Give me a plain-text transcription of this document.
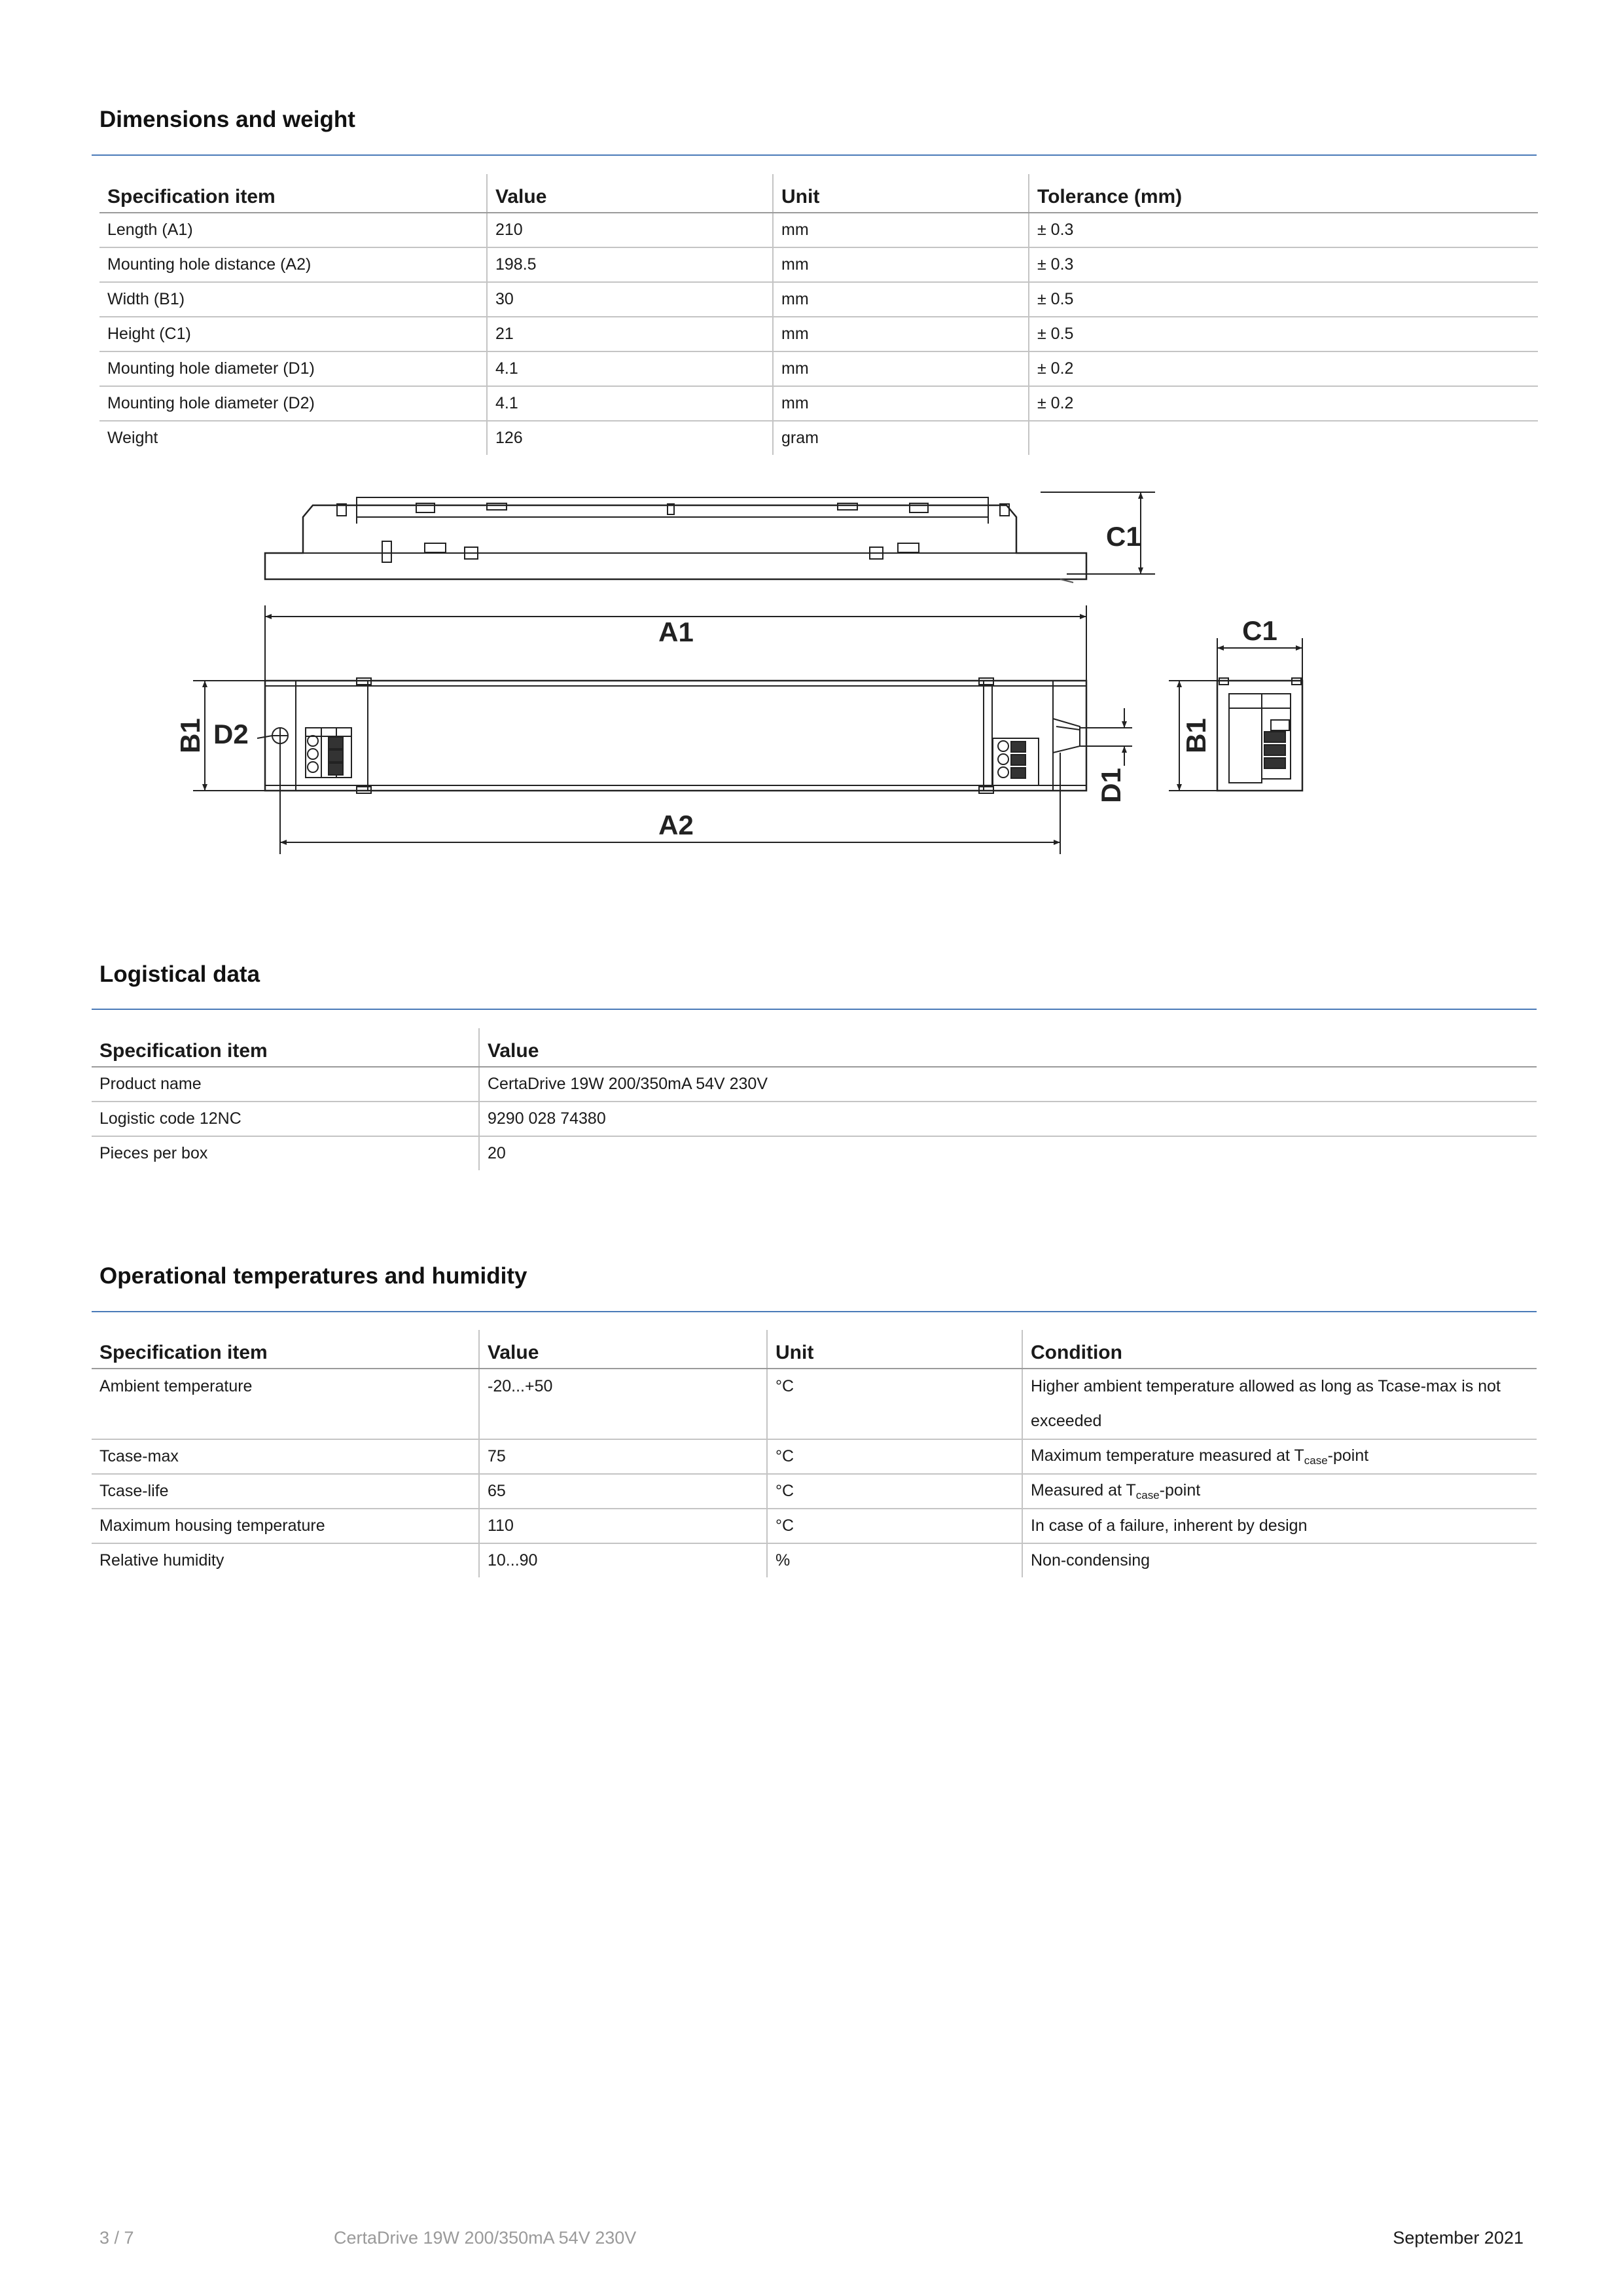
Dimensions and weight
Specification item	Value	Unit	Tolerance (mm)
Length (A1)	210	mm	± 0.3
Mounting hole distance (A2)	198.5	mm	± 0.3
Width (B1)	30	mm	± 0.5
Height (C1)	21	mm	± 0.5
Mounting hole diameter (D1)	4.1	mm	± 0.2
Mounting hole diameter (D2)	4.1	mm	± 0.2
Weight	126	gram	
C1
A1
A2
D2
C1
B1
D1
B1
Logistical data
Specification item	Value
Product name	CertaDrive 19W 200/350mA 54V 230V
Logistic code 12NC	9290 028 74380
Pieces per box	20
Operational temperatures and humidity
Specification item	Value	Unit	Condition
Ambient temperature	-20...+50	°C	Higher ambient temperature allowed as long as Tcase-max is not exceeded
Tcase-max	75	°C	Maximum temperature measured at $T_{case}$-point
Tcase-life	65	°C	Measured at $T_{case}$-point
Maximum housing temperature	110	°C	In case of a failure, inherent by design
Relative humidity	10...90	%	Non-condensing
3 / 7	CertaDrive 19W 200/350mA 54V 230V	September 2021
